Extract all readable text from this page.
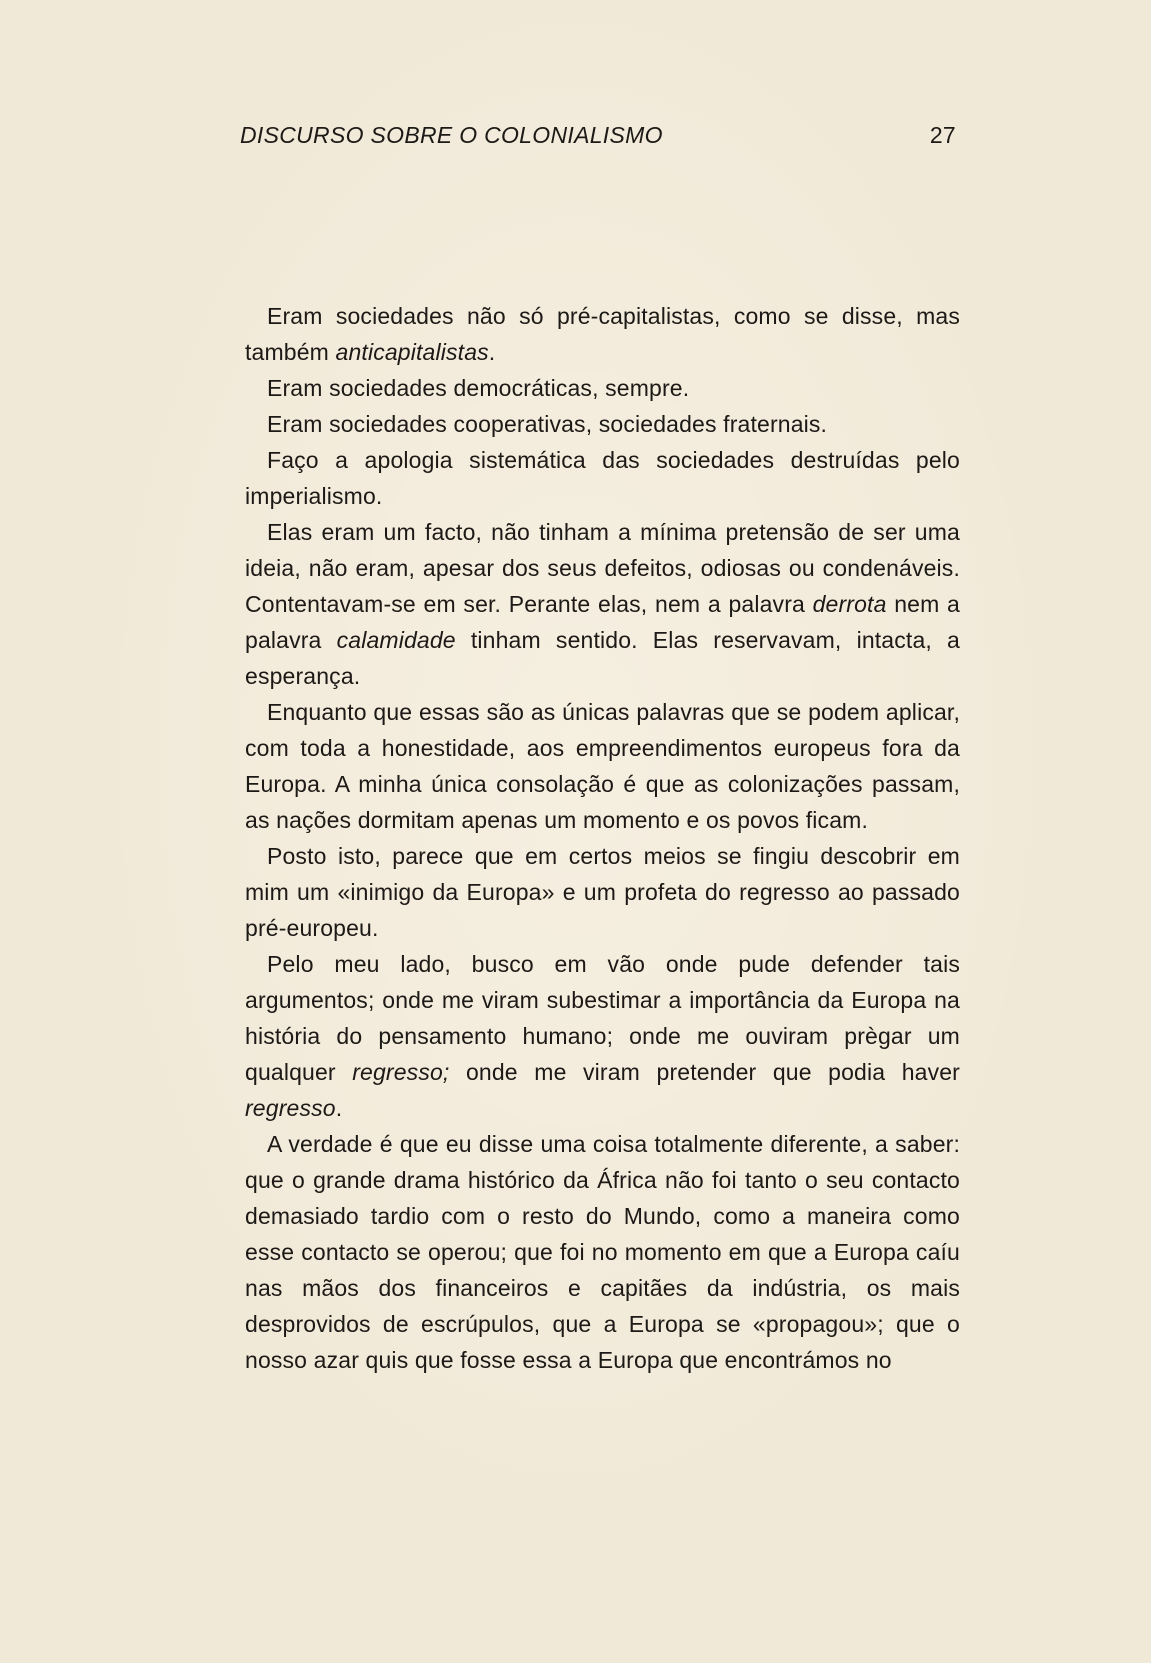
DISCURSO SOBRE O COLONIALISMO	27

Eram sociedades não só pré-capitalistas, como se disse, mas também anticapitalistas.

Eram sociedades democráticas, sempre.

Eram sociedades cooperativas, sociedades fraternais.

Faço a apologia sistemática das sociedades destruídas pelo imperialismo.

Elas eram um facto, não tinham a mínima pretensão de ser uma ideia, não eram, apesar dos seus defeitos, odiosas ou condenáveis. Contentavam-se em ser. Perante elas, nem a palavra derrota nem a palavra calamidade tinham sentido. Elas reservavam, intacta, a esperança.

Enquanto que essas são as únicas palavras que se podem aplicar, com toda a honestidade, aos empreendimentos europeus fora da Europa. A minha única consolação é que as colonizações passam, as nações dormitam apenas um momento e os povos ficam.

Posto isto, parece que em certos meios se fingiu descobrir em mim um «inimigo da Europa» e um profeta do regresso ao passado pré-europeu.

Pelo meu lado, busco em vão onde pude defender tais argumentos; onde me viram subestimar a importância da Europa na história do pensamento humano; onde me ouviram prègar um qualquer regresso; onde me viram pretender que podia haver regresso.

A verdade é que eu disse uma coisa totalmente diferente, a saber: que o grande drama histórico da África não foi tanto o seu contacto demasiado tardio com o resto do Mundo, como a maneira como esse contacto se operou; que foi no momento em que a Europa caíu nas mãos dos financeiros e capitães da indústria, os mais desprovidos de escrúpulos, que a Europa se «propagou»; que o nosso azar quis que fosse essa a Europa que encontrámos no
